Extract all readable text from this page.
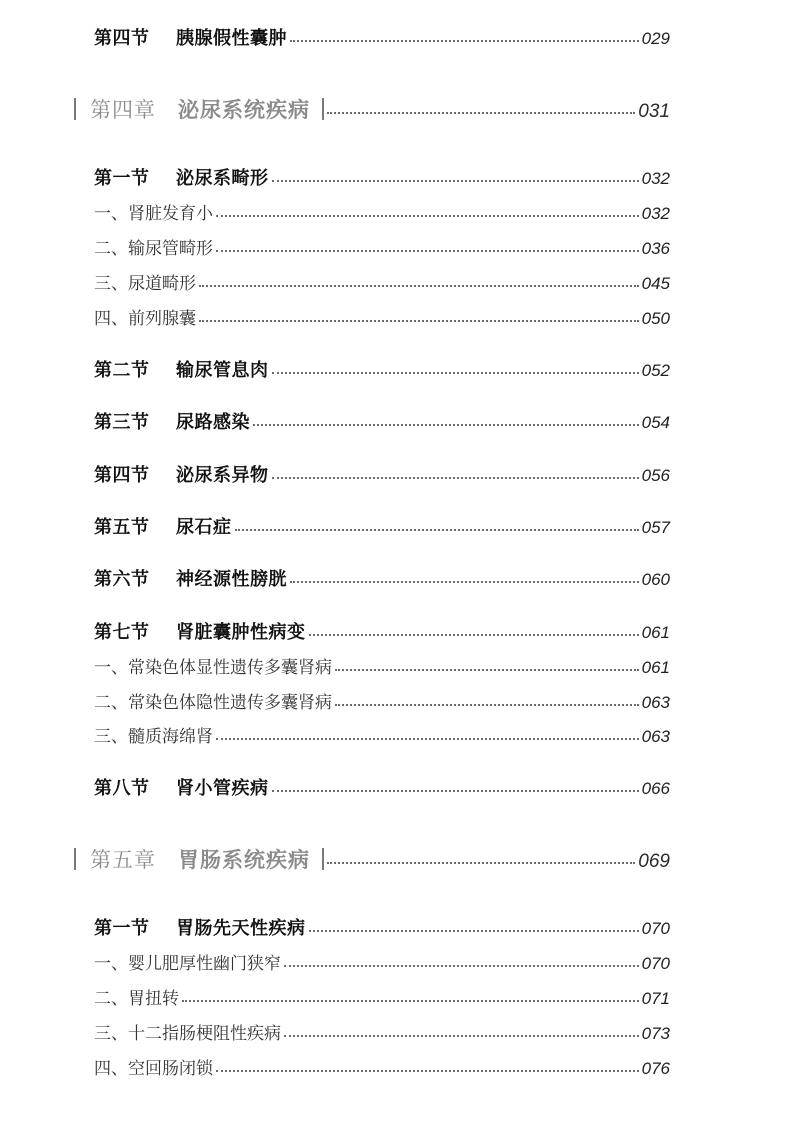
第四节 胰腺假性囊肿	029
第四章 泌尿系统疾病	031
第一节 泌尿系畸形	032
一、肾脏发育小	032
二、输尿管畸形	036
三、尿道畸形	045
四、前列腺囊	050
第二节 输尿管息肉	052
第三节 尿路感染	054
第四节 泌尿系异物	056
第五节 尿石症	057
第六节 神经源性膀胱	060
第七节 肾脏囊肿性病变	061
一、常染色体显性遗传多囊肾病	061
二、常染色体隐性遗传多囊肾病	063
三、髓质海绵肾	063
第八节 肾小管疾病	066
第五章 胃肠系统疾病	069
第一节 胃肠先天性疾病	070
一、婴儿肥厚性幽门狭窄	070
二、胃扭转	071
三、十二指肠梗阻性疾病	073
四、空回肠闭锁	076
